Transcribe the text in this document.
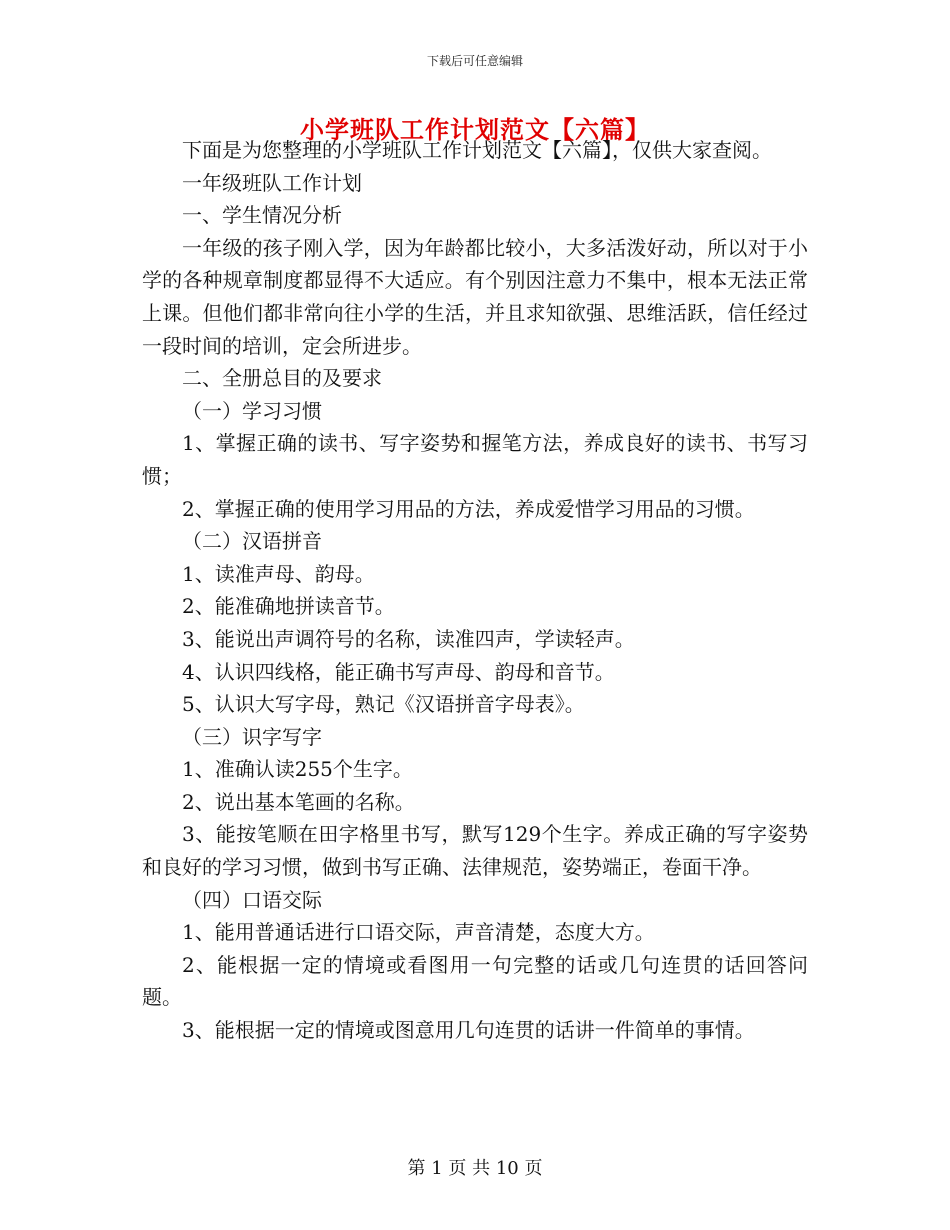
下载后可任意编辑
小学班队工作计划范文【六篇】

下面是为您整理的小学班队工作计划范文【六篇】，仅供大家查阅。

一年级班队工作计划

一、学生情况分析

一年级的孩子刚入学，因为年龄都比较小，大多活泼好动，所以对于小学的各种规章制度都显得不大适应。有个别因注意力不集中，根本无法正常上课。但他们都非常向往小学的生活，并且求知欲强、思维活跃，信任经过一段时间的培训，定会所进步。

二、全册总目的及要求

（一）学习习惯

1、掌握正确的读书、写字姿势和握笔方法，养成良好的读书、书写习惯；

2、掌握正确的使用学习用品的方法，养成爱惜学习用品的习惯。

（二）汉语拼音

1、读准声母、韵母。

2、能准确地拼读音节。

3、能说出声调符号的名称，读准四声，学读轻声。

4、认识四线格，能正确书写声母、韵母和音节。

5、认识大写字母，熟记《汉语拼音字母表》。

（三）识字写字

1、准确认读255个生字。

2、说出基本笔画的名称。

3、能按笔顺在田字格里书写，默写129个生字。养成正确的写字姿势和良好的学习习惯，做到书写正确、法律规范，姿势端正，卷面干净。

（四）口语交际

1、能用普通话进行口语交际，声音清楚，态度大方。

2、能根据一定的情境或看图用一句完整的话或几句连贯的话回答问题。

3、能根据一定的情境或图意用几句连贯的话讲一件简单的事情。

第 1 页 共 10 页
